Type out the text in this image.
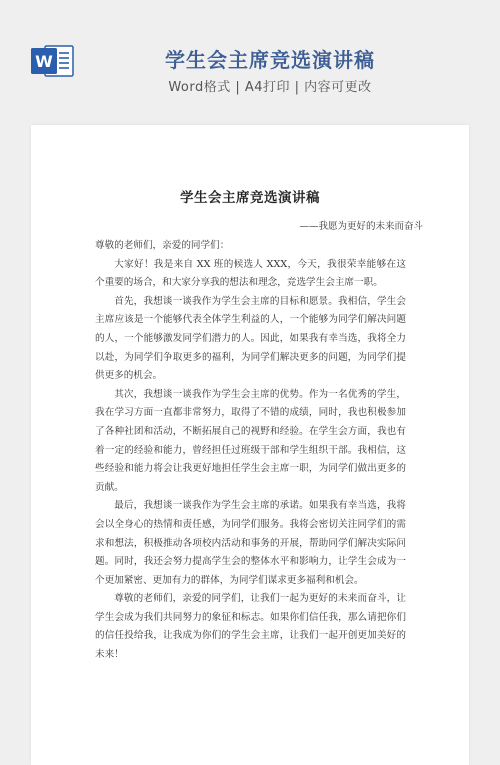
W	学生会主席竞选演讲稿
Word格式 | A4打印 | 内容可更改
学生会主席竞选演讲稿
——我愿为更好的未来而奋斗

尊敬的老师们，亲爱的同学们：

大家好！我是来自 XX 班的候选人 XXX，今天，我很荣幸能够在这个重要的场合，和大家分享我的想法和理念，竞选学生会主席一职。

首先，我想谈一谈我作为学生会主席的目标和愿景。我相信，学生会主席应该是一个能够代表全体学生利益的人，一个能够为同学们解决问题的人，一个能够激发同学们潜力的人。因此，如果我有幸当选，我将全力以赴，为同学们争取更多的福利，为同学们解决更多的问题，为同学们提供更多的机会。

其次，我想谈一谈我作为学生会主席的优势。作为一名优秀的学生，我在学习方面一直都非常努力，取得了不错的成绩，同时，我也积极参加了各种社团和活动，不断拓展自己的视野和经验。在学生会方面，我也有着一定的经验和能力，曾经担任过班级干部和学生组织干部。我相信，这些经验和能力将会让我更好地担任学生会主席一职，为同学们做出更多的贡献。

最后，我想谈一谈我作为学生会主席的承诺。如果我有幸当选，我将会以全身心的热情和责任感，为同学们服务。我将会密切关注同学们的需求和想法，积极推动各项校内活动和事务的开展，帮助同学们解决实际问题。同时，我还会努力提高学生会的整体水平和影响力，让学生会成为一个更加紧密、更加有力的群体，为同学们谋求更多福利和机会。

尊敬的老师们，亲爱的同学们，让我们一起为更好的未来而奋斗，让学生会成为我们共同努力的象征和标志。如果你们信任我，那么请把你们的信任投给我，让我成为你们的学生会主席，让我们一起开创更加美好的未来！
